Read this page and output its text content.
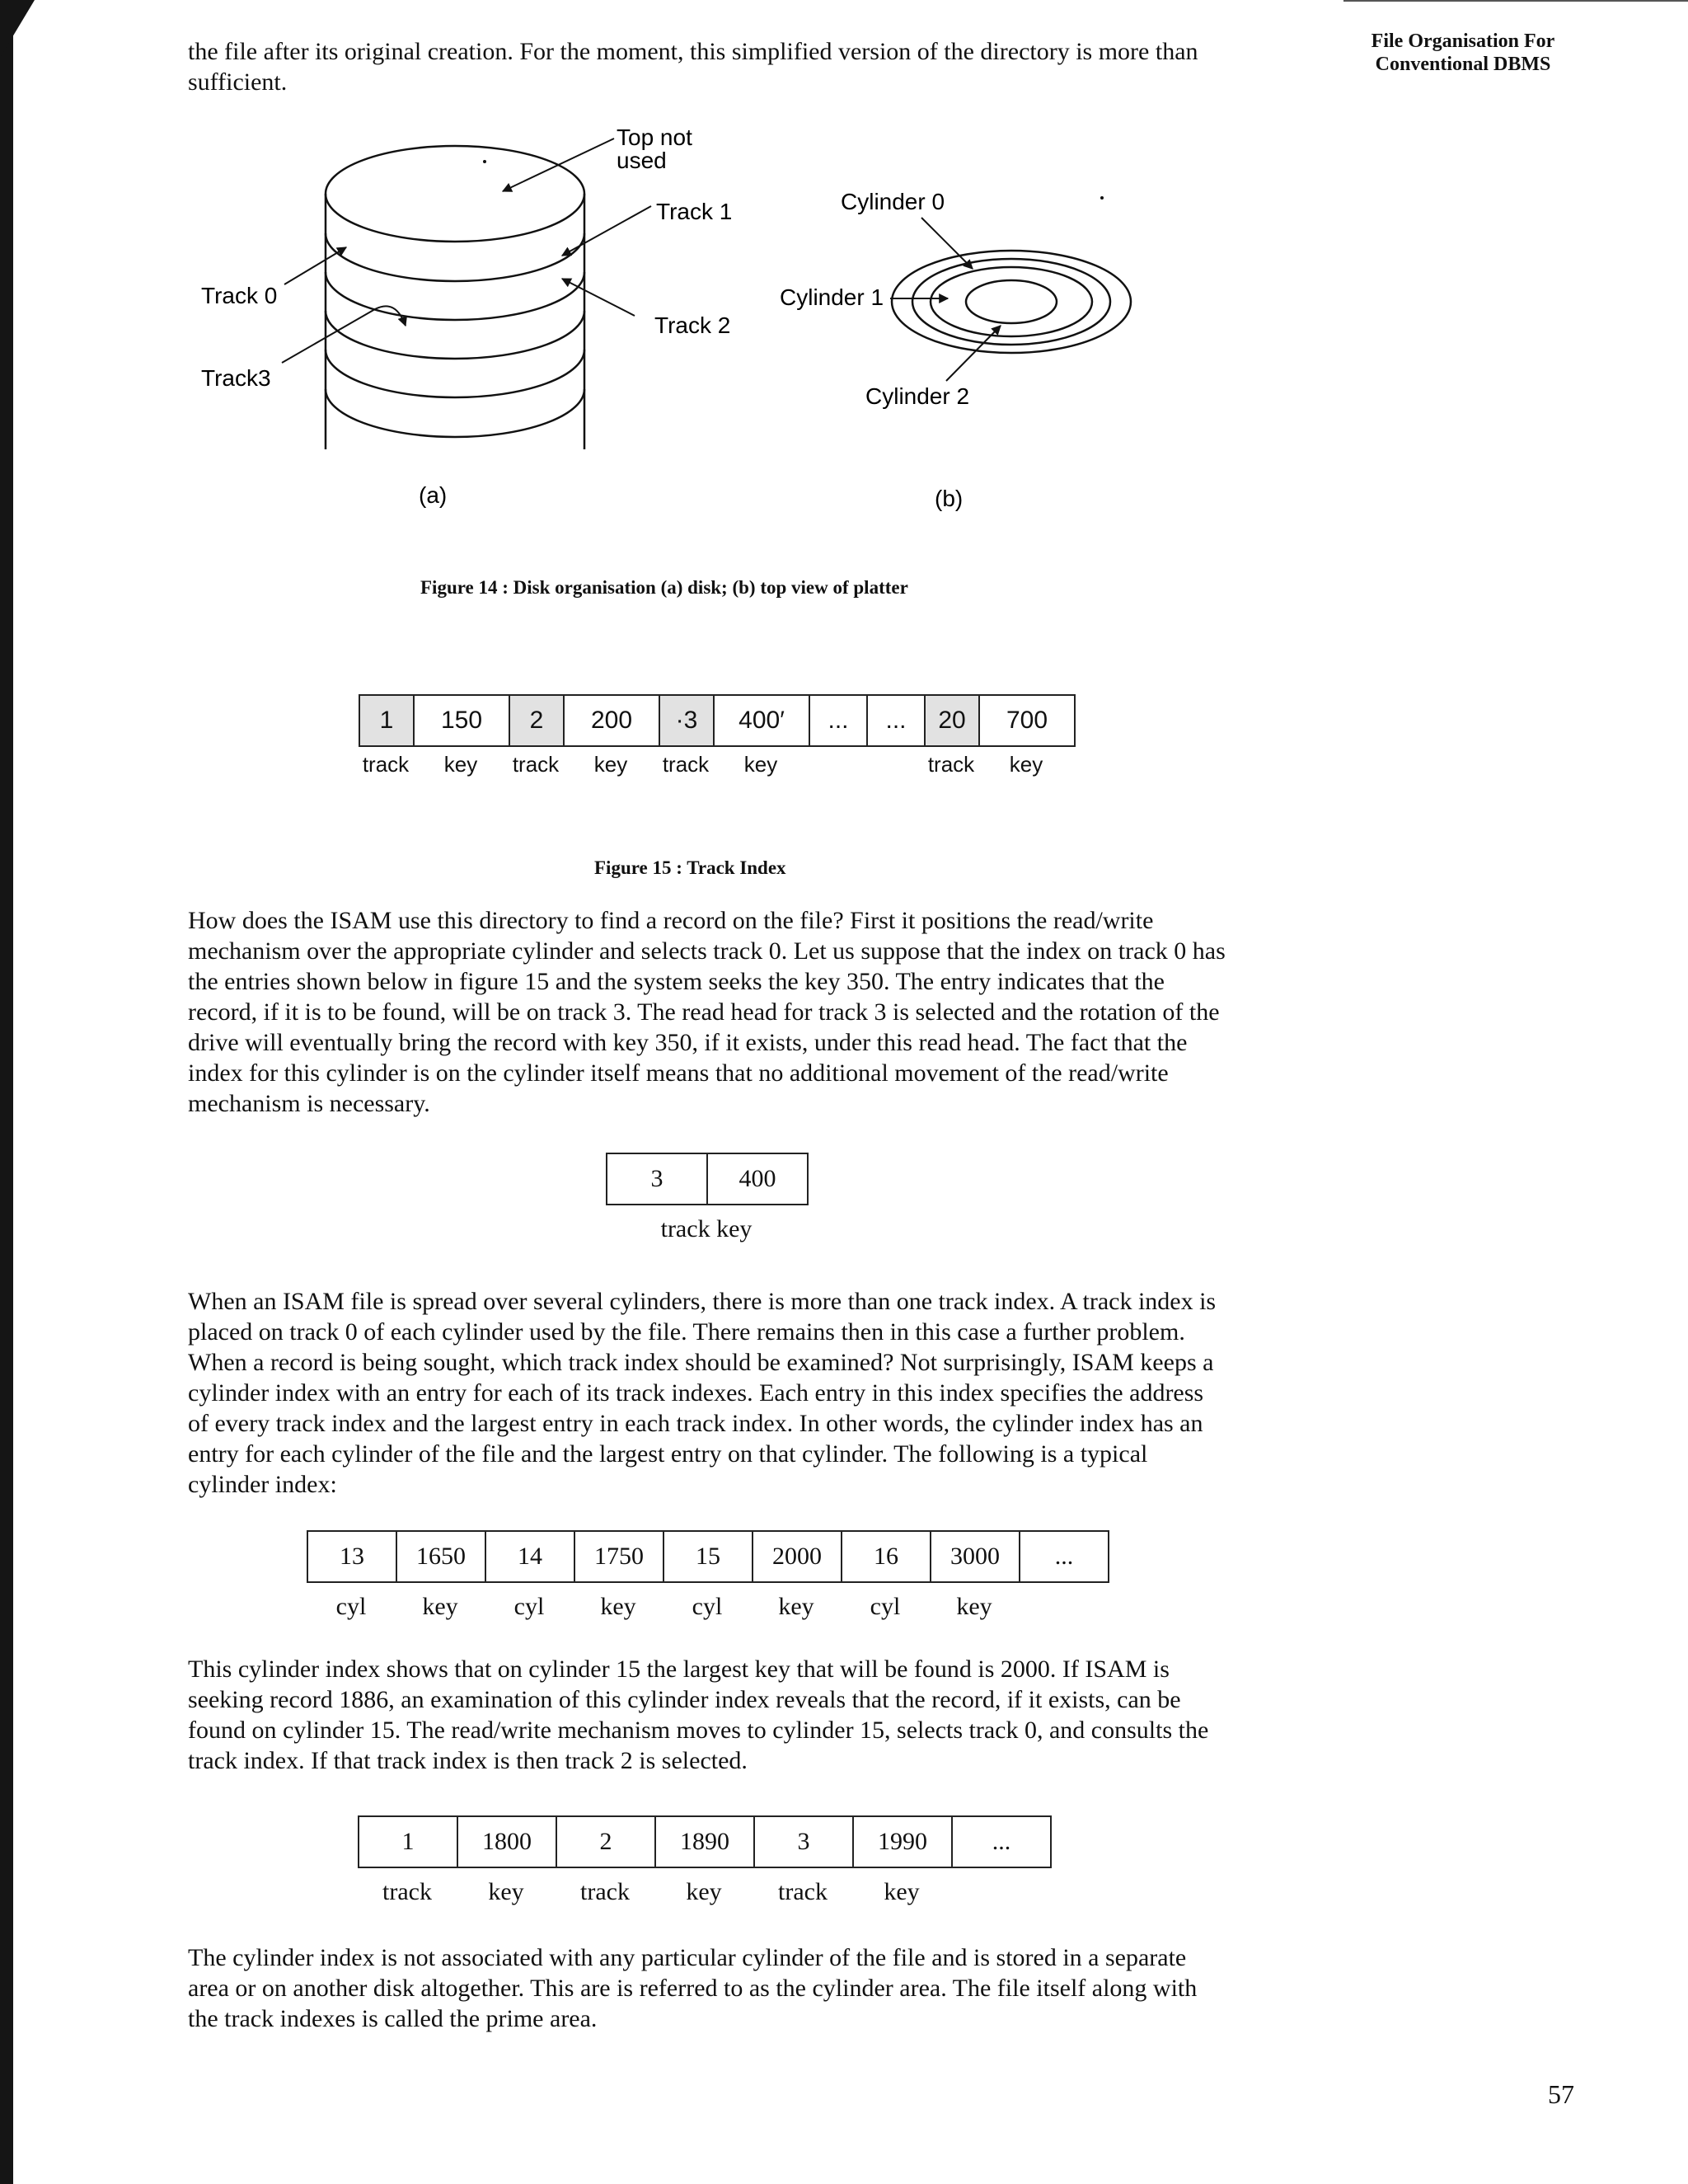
File Organisation For
Conventional DBMS

the file after its original creation. For the moment, this simplified version of the directory is more than sufficient.

Top not
used
Track 1
Track 0
Track 2
Track3
(a)
Cylinder 0
Cylinder 1
Cylinder 2
(b)
Figure 14 : Disk organisation (a) disk; (b) top view of platter
1	150	2	200	·3	400′	...	...	20	700
track	key	track	key	track	key	track	key
Figure 15 : Track Index

How does the ISAM use this directory to find a record on the file? First it positions the read/write mechanism over the appropriate cylinder and selects track 0. Let us suppose that the index on track 0 has the entries shown below in figure 15 and the system seeks the key 350. The entry indicates that the record, if it is to be found, will be on track 3. The read head for track 3 is selected and the rotation of the drive will eventually bring the record with key 350, if it exists, under this read head. The fact that the index for this cylinder is on the cylinder itself means that no additional movement of the read/write mechanism is necessary.

3	400
track key

When an ISAM file is spread over several cylinders, there is more than one track index. A track index is placed on track 0 of each cylinder used by the file. There remains then in this case a further problem. When a record is being sought, which track index should be examined? Not surprisingly, ISAM keeps a cylinder index with an entry for each of its track indexes. Each entry in this index specifies the address of every track index and the largest entry in each track index. In other words, the cylinder index has an entry for each cylinder of the file and the largest entry on that cylinder. The following is a typical cylinder index:

13	1650	14	1750	15	2000	16	3000	...
cyl	key	cyl	key	cyl	key	cyl	key

This cylinder index shows that on cylinder 15 the largest key that will be found is 2000. If ISAM is seeking record 1886, an examination of this cylinder index reveals that the record, if it exists, can be found on cylinder 15. The read/write mechanism moves to cylinder 15, selects track 0, and consults the track index. If that track index is then track 2 is selected.

1	1800	2	1890	3	1990	...
track	key	track	key	track	key

The cylinder index is not associated with any particular cylinder of the file and is stored in a separate area or on another disk altogether. This are is referred to as the cylinder area. The file itself along with the track indexes is called the prime area.

57
